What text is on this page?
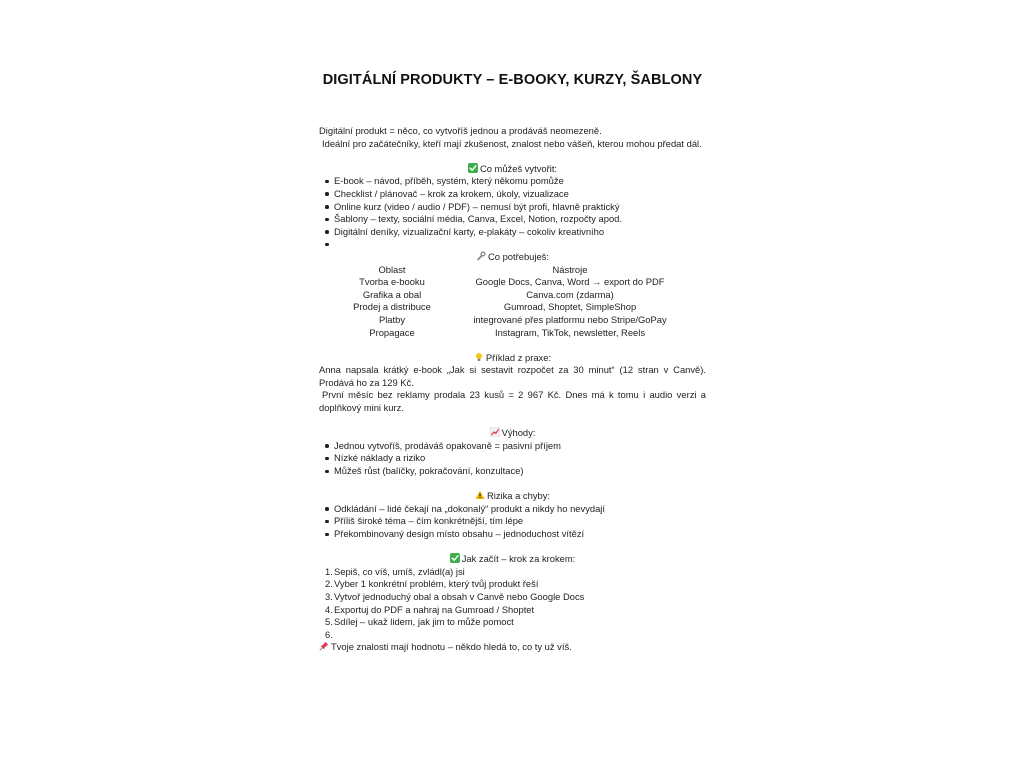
DIGITÁLNÍ PRODUKTY – E-BOOKY, KURZY, ŠABLONY

Digitální produkt = něco, co vytvoříš jednou a prodáváš neomezeně.

Ideální pro začátečníky, kteří mají zkušenost, znalost nebo vášeň, kterou mohou předat dál.

Co můžeš vytvořit:
E-book – návod, příběh, systém, který někomu pomůže
Checklist / plánovač – krok za krokem, úkoly, vizualizace
Online kurz (video / audio / PDF) – nemusí být profi, hlavně praktický
Šablony – texty, sociální média, Canva, Excel, Notion, rozpočty apod.
Digitální deníky, vizualizační karty, e-plakáty – cokoliv kreativního
Co potřebuješ:
Oblast	Nástroje
Tvorba e-booku	Google Docs, Canva, Word → export do PDF
Grafika a obal	Canva.com (zdarma)
Prodej a distribuce	Gumroad, Shoptet, SimpleShop
Platby	integrované přes platformu nebo Stripe/GoPay
Propagace	Instagram, TikTok, newsletter, Reels
Příklad z praxe:

Anna napsala krátký e-book „Jak si sestavit rozpočet za 30 minut“ (12 stran v Canvě). Prodává ho za 129 Kč.

První měsíc bez reklamy prodala 23 kusů = 2 967 Kč. Dnes má k tomu i audio verzi a doplňkový mini kurz.

Výhody:
Jednou vytvoříš, prodáváš opakovaně = pasivní příjem
Nízké náklady a riziko
Můžeš růst (balíčky, pokračování, konzultace)
Rizika a chyby:
Odkládání – lidé čekají na „dokonalý“ produkt a nikdy ho nevydají
Příliš široké téma – čím konkrétnější, tím lépe
Překombinovaný design místo obsahu – jednoduchost vítězí
Jak začít – krok za krokem:
1. Sepiš, co víš, umíš, zvládl(a) jsi
2. Vyber 1 konkrétní problém, který tvůj produkt řeší
3. Vytvoř jednoduchý obal a obsah v Canvě nebo Google Docs
4. Exportuj do PDF a nahraj na Gumroad / Shoptet
5. Sdílej – ukaž lidem, jak jim to může pomoct
6.
Tvoje znalosti mají hodnotu – někdo hledá to, co ty už víš.
